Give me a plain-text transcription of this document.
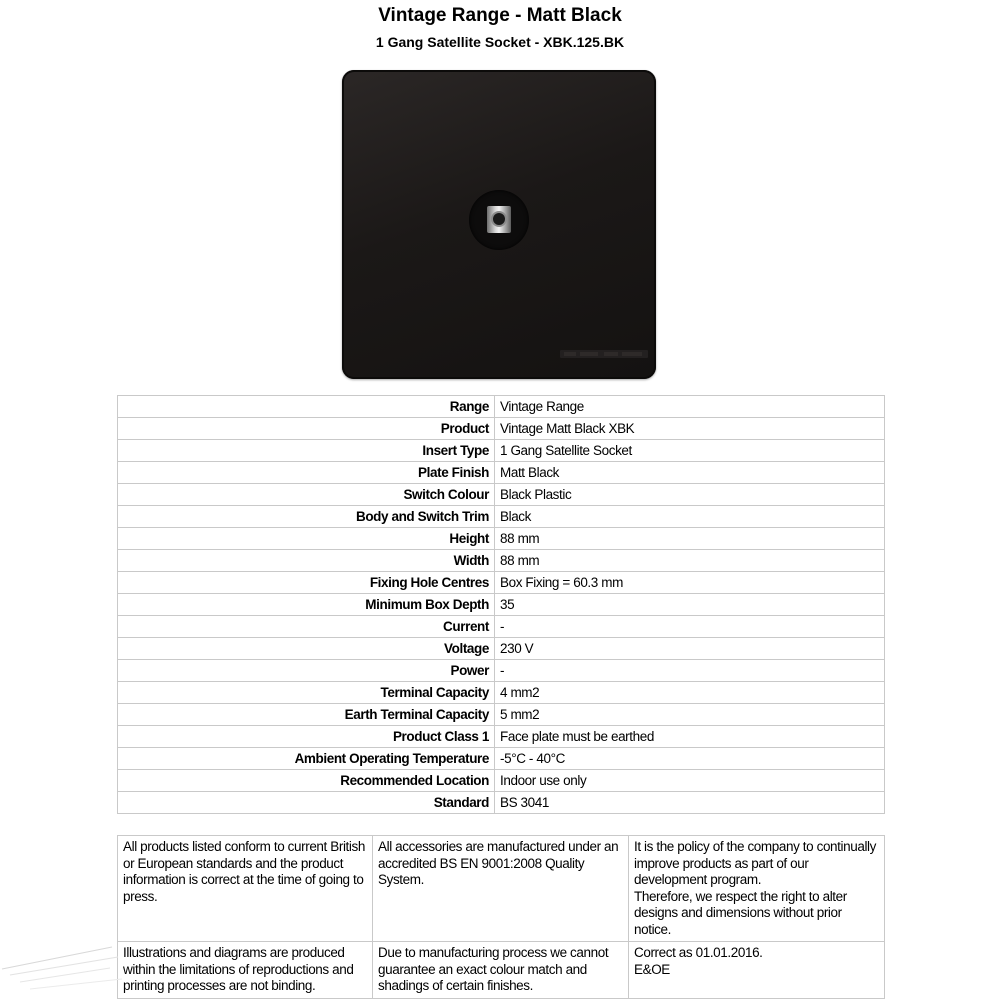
Vintage Range - Matt Black
1 Gang Satellite Socket - XBK.125.BK
Range	Vintage Range
Product	Vintage Matt Black XBK
Insert Type	1 Gang Satellite Socket
Plate Finish	Matt Black
Switch Colour	Black Plastic
Body and Switch Trim	Black
Height	88 mm
Width	88 mm
Fixing Hole Centres	Box Fixing = 60.3 mm
Minimum Box Depth	35
Current	-
Voltage	230 V
Power	-
Terminal Capacity	4 mm2
Earth Terminal Capacity	5 mm2
Product Class 1	Face plate must be earthed
Ambient Operating Temperature	-5°C - 40°C
Recommended Location	Indoor use only
Standard	BS 3041
All products listed conform to current British or European standards and the product information is correct at the time of going to press.	All accessories are manufactured under an accredited BS EN 9001:2008 Quality System.	It is the policy of the company to continually improve products as part of our development program.
Therefore, we respect the right to alter designs and dimensions without prior notice.

Illustrations and diagrams are produced within the limitations of reproductions and printing processes are not binding.	Due to manufacturing process we cannot guarantee an exact colour match and shadings of certain finishes.	Correct as 01.01.2016.
E&OE
